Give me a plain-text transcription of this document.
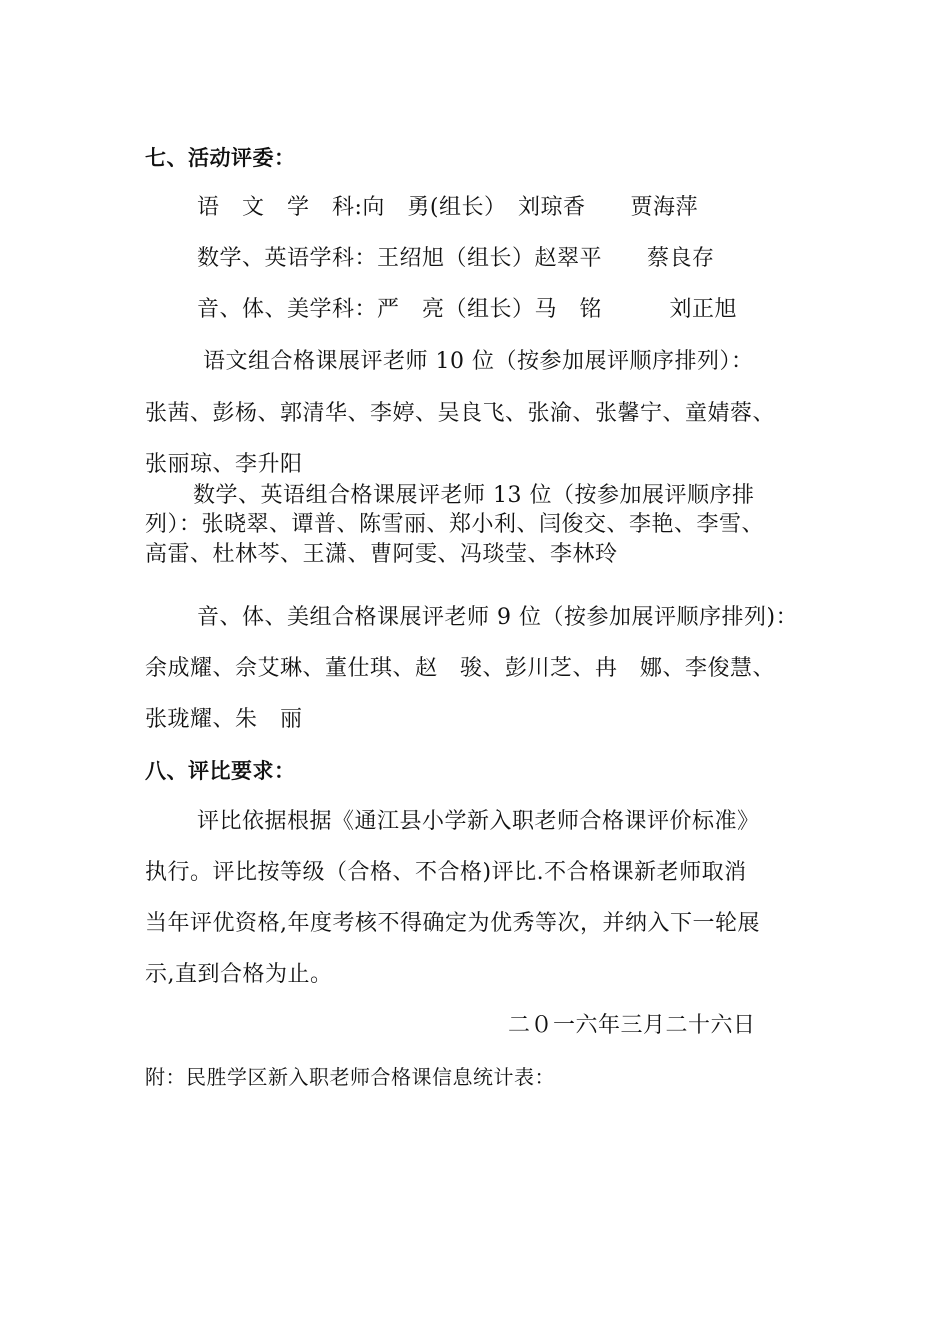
七、活动评委：
语　文　学　科:向　勇(组长）　刘琼香　　贾海萍
数学、英语学科：王绍旭（组长）赵翠平　　蔡良存
音、体、美学科：严　亮（组长）马　铭　　　刘正旭
语文组合格课展评老师 10 位（按参加展评顺序排列）：
张茜、彭杨、郭清华、李婷、吴良飞、张渝、张馨宁、童婧蓉、
张丽琼、李升阳
数学、英语组合格课展评老师 13 位（按参加展评顺序排
列）：张晓翠、谭普、陈雪丽、郑小利、闫俊交、李艳、李雪、
高雷、杜林芩、王潇、曹阿雯、冯琰莹、李林玲
音、体、美组合格课展评老师 9 位（按参加展评顺序排列)：
余成耀、佘艾琳、董仕琪、赵　骏、彭川芝、冉　娜、李俊慧、
张珑耀、朱　丽
八、评比要求：
评比依据根据《通江县小学新入职老师合格课评价标准》
执行。评比按等级（合格、不合格)评比.不合格课新老师取消
当年评优资格,年度考核不得确定为优秀等次，并纳入下一轮展
示,直到合格为止。
二０一六年三月二十六日
附：民胜学区新入职老师合格课信息统计表：
